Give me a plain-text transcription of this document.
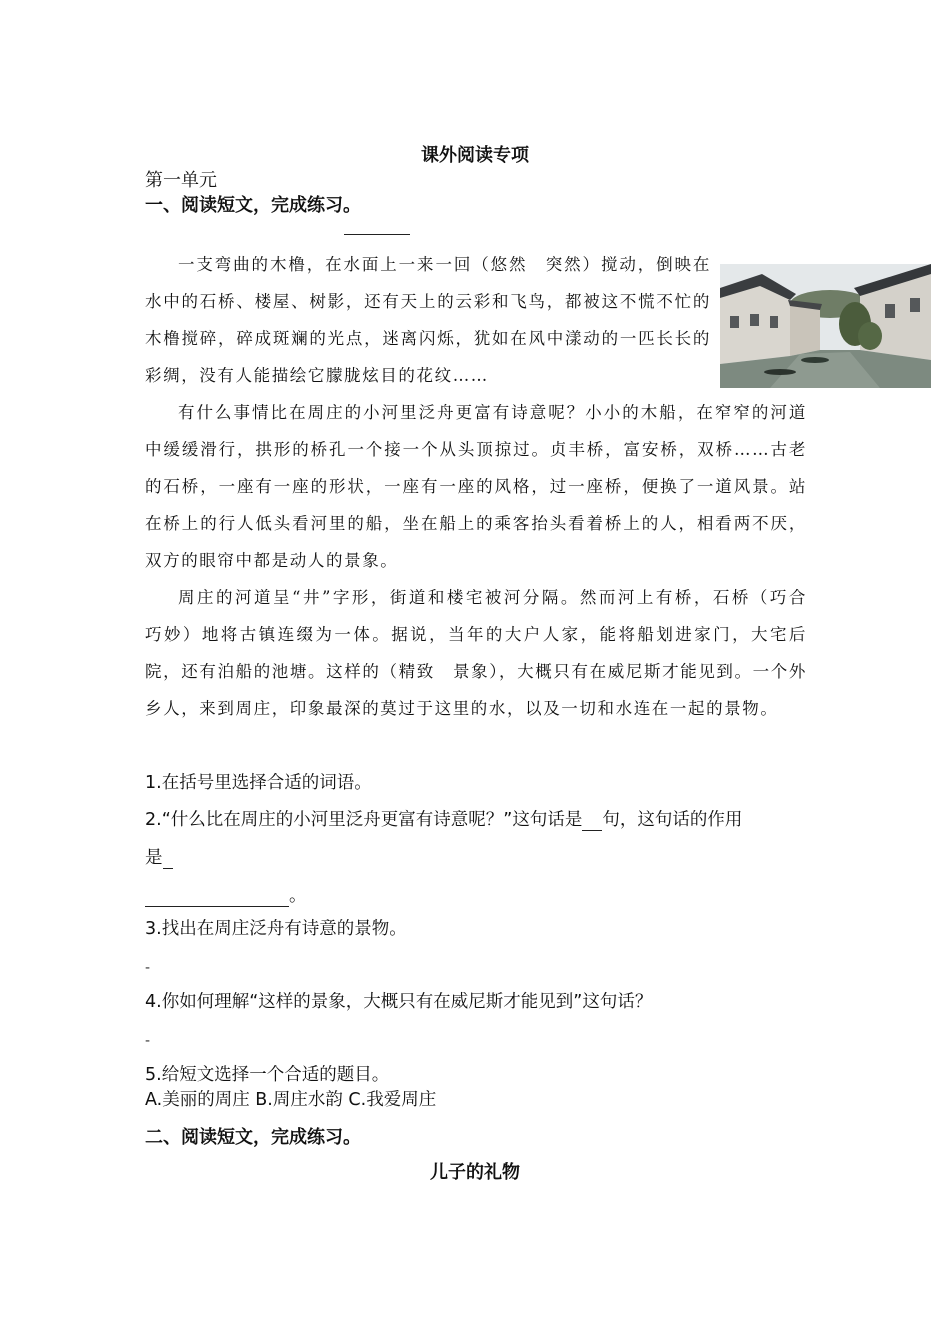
课外阅读专项
第一单元
一、阅读短文，完成练习。

一支弯曲的木橹，在水面上一来一回（悠然　突然）搅动，倒映在水中的石桥、楼屋、树影，还有天上的云彩和飞鸟，都被这不慌不忙的木橹搅碎，碎成斑斓的光点，迷离闪烁，犹如在风中漾动的一匹长长的彩绸，没有人能描绘它朦胧炫目的花纹……

有什么事情比在周庄的小河里泛舟更富有诗意呢？小小的木船，在窄窄的河道中缓缓滑行，拱形的桥孔一个接一个从头顶掠过。贞丰桥，富安桥，双桥……古老的石桥，一座有一座的形状，一座有一座的风格，过一座桥，便换了一道风景。站在桥上的行人低头看河里的船，坐在船上的乘客抬头看着桥上的人，相看两不厌，双方的眼帘中都是动人的景象。

周庄的河道呈“井”字形，街道和楼宅被河分隔。然而河上有桥，石桥（巧合　巧妙）地将古镇连缀为一体。据说，当年的大户人家，能将船划进家门，大宅后院，还有泊船的池塘。这样的（精致　景象），大概只有在威尼斯才能见到。一个外乡人，来到周庄，印象最深的莫过于这里的水，以及一切和水连在一起的景物。

1.在括号里选择合适的词语。
2.“什么比在周庄的小河里泛舟更富有诗意呢？”这句话是 句，这句话的作用
是
。
3.找出在周庄泛舟有诗意的景物。
-
4.你如何理解“这样的景象，大概只有在威尼斯才能见到”这句话？
-
5.给短文选择一个合适的题目。
A.美丽的周庄 B.周庄水韵 C.我爱周庄
二、阅读短文，完成练习。
儿子的礼物
